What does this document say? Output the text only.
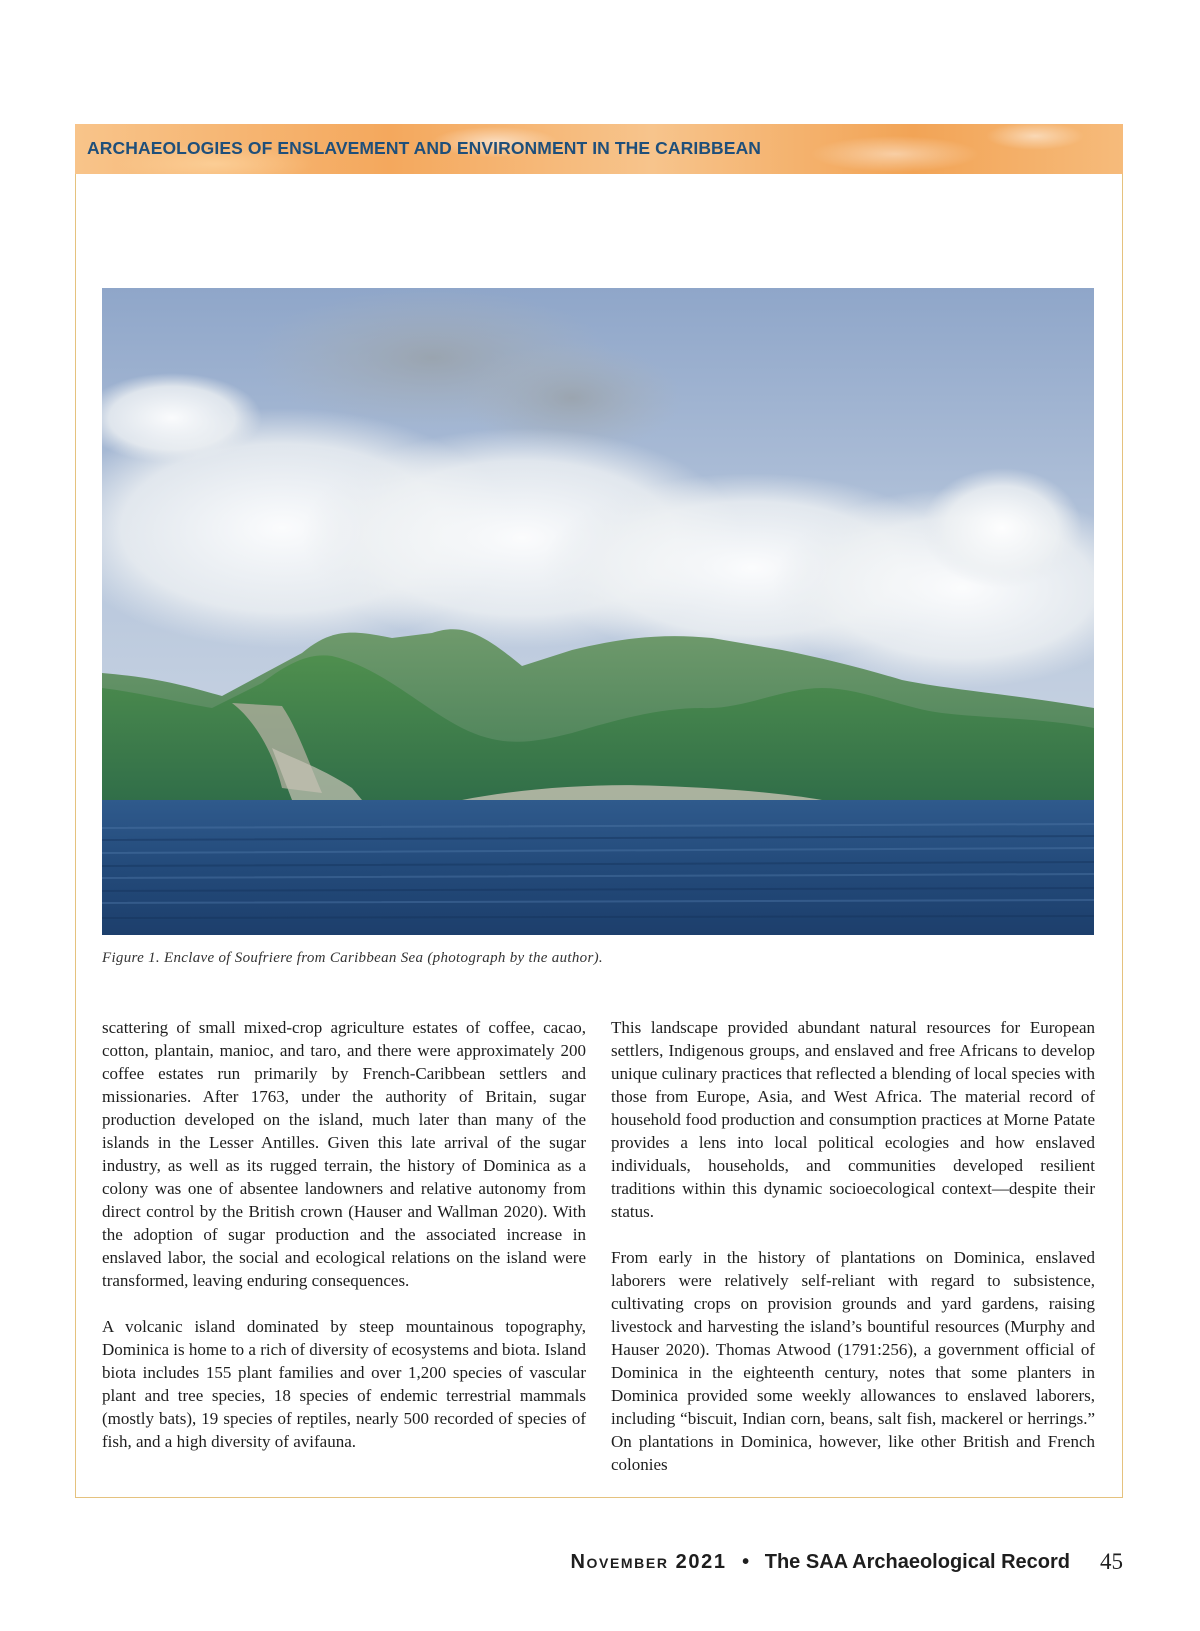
ARCHAEOLOGIES OF ENSLAVEMENT AND ENVIRONMENT IN THE CARIBBEAN

Figure 1. Enclave of Soufriere from Caribbean Sea (photograph by the author).

scattering of small mixed-crop agriculture estates of coffee, cacao, cotton, plantain, manioc, and taro, and there were approximately 200 coffee estates run primarily by French-Caribbean settlers and missionaries. After 1763, under the authority of Britain, sugar production developed on the island, much later than many of the islands in the Lesser Antilles. Given this late arrival of the sugar industry, as well as its rugged terrain, the history of Dominica as a colony was one of absentee landowners and relative autonomy from direct control by the British crown (Hauser and Wallman 2020). With the adoption of sugar production and the associated increase in enslaved labor, the social and ecological relations on the island were transformed, leaving enduring consequences.

A volcanic island dominated by steep mountainous topography, Dominica is home to a rich of diversity of ecosystems and biota. Island biota includes 155 plant families and over 1,200 species of vascular plant and tree species, 18 species of endemic terrestrial mammals (mostly bats), 19 species of reptiles, nearly 500 recorded of species of fish, and a high diversity of avifauna.

This landscape provided abundant natural resources for European settlers, Indigenous groups, and enslaved and free Africans to develop unique culinary practices that reflected a blending of local species with those from Europe, Asia, and West Africa. The material record of household food production and consumption practices at Morne Patate provides a lens into local political ecologies and how enslaved individuals, households, and communities developed resilient traditions within this dynamic socioecological context—despite their status.

From early in the history of plantations on Dominica, enslaved laborers were relatively self-reliant with regard to subsistence, cultivating crops on provision grounds and yard gardens, raising livestock and harvesting the island’s bountiful resources (Murphy and Hauser 2020). Thomas Atwood (1791:256), a government official of Dominica in the eighteenth century, notes that some planters in Dominica provided some weekly allowances to enslaved laborers, including “biscuit, Indian corn, beans, salt fish, mackerel or herrings.” On plantations in Dominica, however, like other British and French colonies

November 2021 • The SAA Archaeological Record 45
